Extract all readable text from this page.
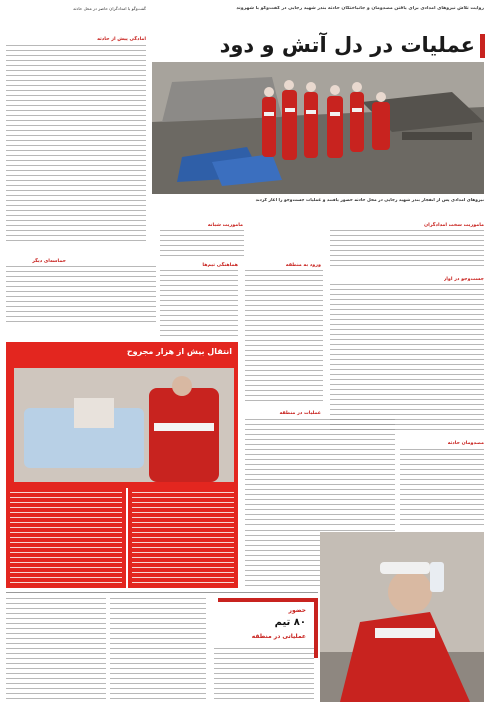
روایت تلاش نیروهای امدادی برای یافتن مصدومان و جانباختگان حادثه بندر شهید رجایی در گفت‌وگو با شهروند
عملیات در دل آتش و دود
نیروهای امدادی پس از انفجار بندر شهید رجایی در محل حادثه حضور یافتند و عملیات جست‌وجو را آغاز کردند
گفت‌وگو با امدادگران حاضر در محل حادثه
آمادگی پیش از حادثه
ماموریت شبانه	ماموریت سخت امدادگران
جست‌وجو در آوار
مصدومان حادثه
ورود به منطقه
عملیات در منطقه
هماهنگی تیم‌ها
حماسه‌ای دیگر
انتقال بیش از هزار مجروح
حضور
۸۰ تیم
عملیاتی در منطقه
